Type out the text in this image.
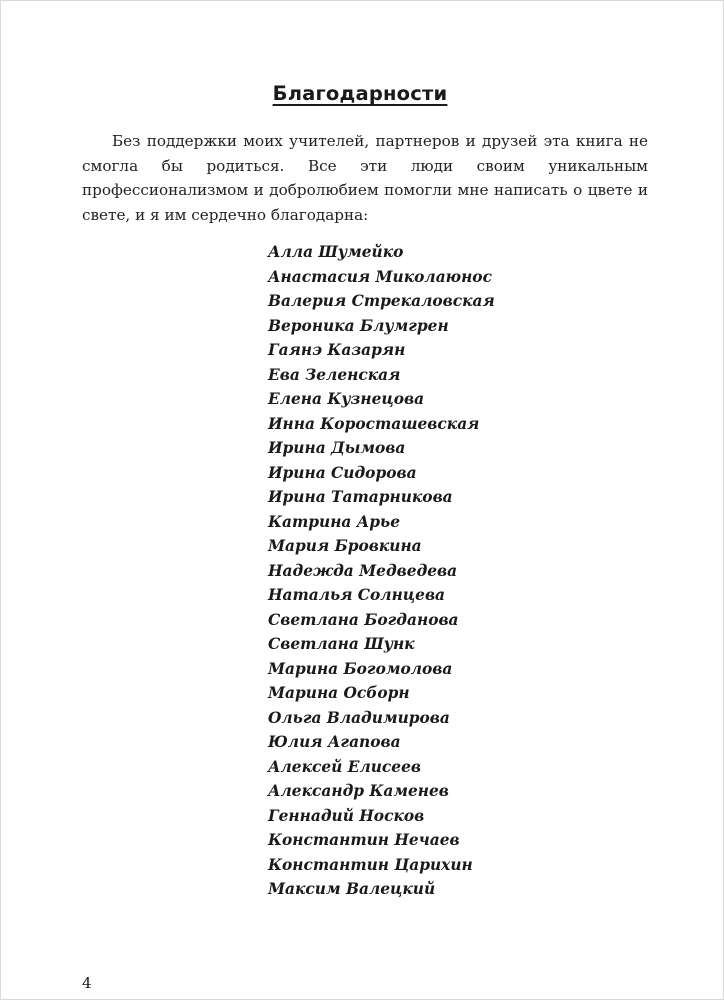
Благодарности

Без поддержки моих учителей, партнеров и друзей эта книга не смогла бы родиться. Все эти люди своим уникальным профессионализмом и добролюбием помогли мне написать о цвете и свете, и я им сердечно благодарна:

Алла Шумейко
Анастасия Миколаюнос
Валерия Стрекаловская
Вероника Блумгрен
Гаянэ Казарян
Ева Зеленская
Елена Кузнецова
Инна Короcташевская
Ирина Дымова
Ирина Сидорова
Ирина Татарникова
Катрина Арье
Мария Бровкина
Надежда Медведева
Наталья Солнцева
Светлана Богданова
Светлана Шунк
Марина Богомолова
Марина Осборн
Ольга Владимирова
Юлия Агапова
Алексей Елисеев
Александр Каменев
Геннадий Носков
Константин Нечаев
Константин Царихин
Максим Валецкий
4
